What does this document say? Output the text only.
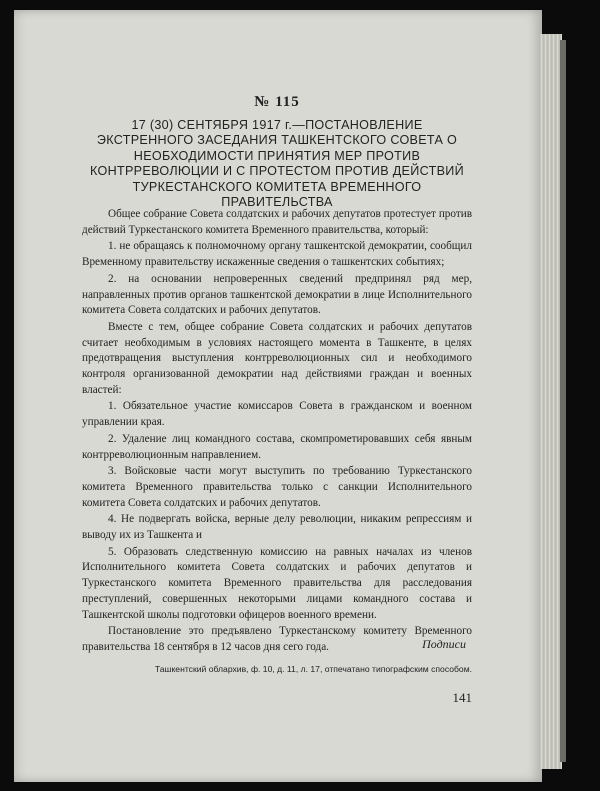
№ 115
17 (30) СЕНТЯБРЯ 1917 г.—ПОСТАНОВЛЕНИЕ
ЭКСТРЕННОГО ЗАСЕДАНИЯ ТАШКЕНТСКОГО СОВЕТА О
НЕОБХОДИМОСТИ ПРИНЯТИЯ МЕР ПРОТИВ
КОНТРРЕВОЛЮЦИИ И С ПРОТЕСТОМ ПРОТИВ ДЕЙСТВИЙ
ТУРКЕСТАНСКОГО КОМИТЕТА ВРЕМЕННОГО
ПРАВИТЕЛЬСТВА

Общее собрание Совета солдатских и рабочих депутатов протестует против действий Туркестанского комитета Временного правительства, который:

1. не обращаясь к полномочному органу ташкентской демократии, сообщил Временному правительству искаженные сведения о ташкентских событиях;

2. на основании непроверенных сведений предпринял ряд мер, направленных против органов ташкентской демократии в лице Исполнительного комитета Совета солдатских и рабочих депутатов.

Вместе с тем, общее собрание Совета солдатских и рабочих депутатов считает необходимым в условиях настоящего момента в Ташкенте, в целях предотвращения выступления контрреволюционных сил и необходимого контроля организованной демократии над действиями граждан и военных властей:

1. Обязательное участие комиссаров Совета в гражданском и военном управлении края.

2. Удаление лиц командного состава, скомпрометировавших себя явным контрреволюционным направлением.

3. Войсковые части могут выступить по требованию Туркестанского комитета Временного правительства только с санкции Исполнительного комитета Совета солдатских и рабочих депутатов.

4. Не подвергать войска, верные делу революции, никаким репрессиям и выводу их из Ташкента и

5. Образовать следственную комиссию на равных началах из членов Исполнительного комитета Совета солдатских и рабочих депутатов и Туркестанского комитета Временного правительства для расследования преступлений, совершенных некоторыми лицами командного состава и Ташкентской школы подготовки офицеров военного времени.

Постановление это предъявлено Туркестанскому комитету Временного правительства 18 сентября в 12 часов дня сего года.	Подписи
Ташкентский облархив, ф. 10, д. 11, л. 17, отпечатано типографским способом.
141
